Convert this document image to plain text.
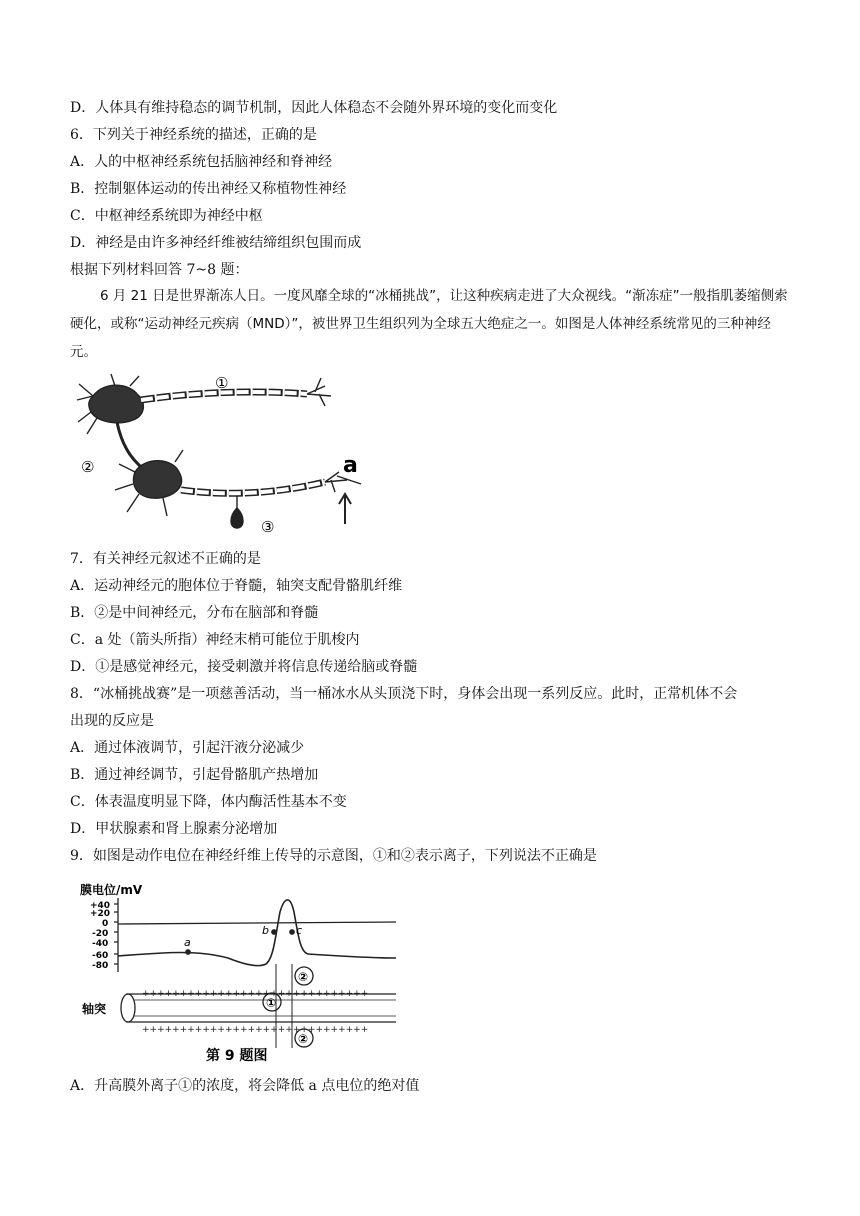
D．人体具有维持稳态的调节机制，因此人体稳态不会随外界环境的变化而变化
6．下列关于神经系统的描述，正确的是
A．人的中枢神经系统包括脑神经和脊神经
B．控制躯体运动的传出神经又称植物性神经
C．中枢神经系统即为神经中枢
D．神经是由许多神经纤维被结缔组织包围而成
根据下列材料回答 7~8 题：
6 月 21 日是世界渐冻人日。一度风靡全球的“冰桶挑战”，让这种疾病走进了大众视线。“渐冻症”一般指肌萎缩侧索硬化，或称“运动神经元疾病（MND）”，被世界卫生组织列为全球五大绝症之一。如图是人体神经系统常见的三种神经元。
①
②
③
a
7．有关神经元叙述不正确的是
A．运动神经元的胞体位于脊髓，轴突支配骨骼肌纤维
B．②是中间神经元，分布在脑部和脊髓
C．a 处（箭头所指）神经末梢可能位于肌梭内
D．①是感觉神经元，接受刺激并将信息传递给脑或脊髓
8．“冰桶挑战赛”是一项慈善活动，当一桶冰水从头顶浇下时，身体会出现一系列反应。此时，正常机体不会
出现的反应是
A．通过体液调节，引起汗液分泌减少
B．通过神经调节，引起骨骼肌产热增加
C．体表温度明显下降，体内酶活性基本不变
D．甲状腺素和肾上腺素分泌增加
9．如图是动作电位在神经纤维上传导的示意图，①和②表示离子，下列说法不正确是
++++++++++++++++++++++++++++++
++++++++++++++++++++++++++++++
膜电位/mV
+40
+20
0
-20
-40
-60
-80
a
b c
①
②
②
轴突
第 9 题图
A．升高膜外离子①的浓度，将会降低 a 点电位的绝对值
